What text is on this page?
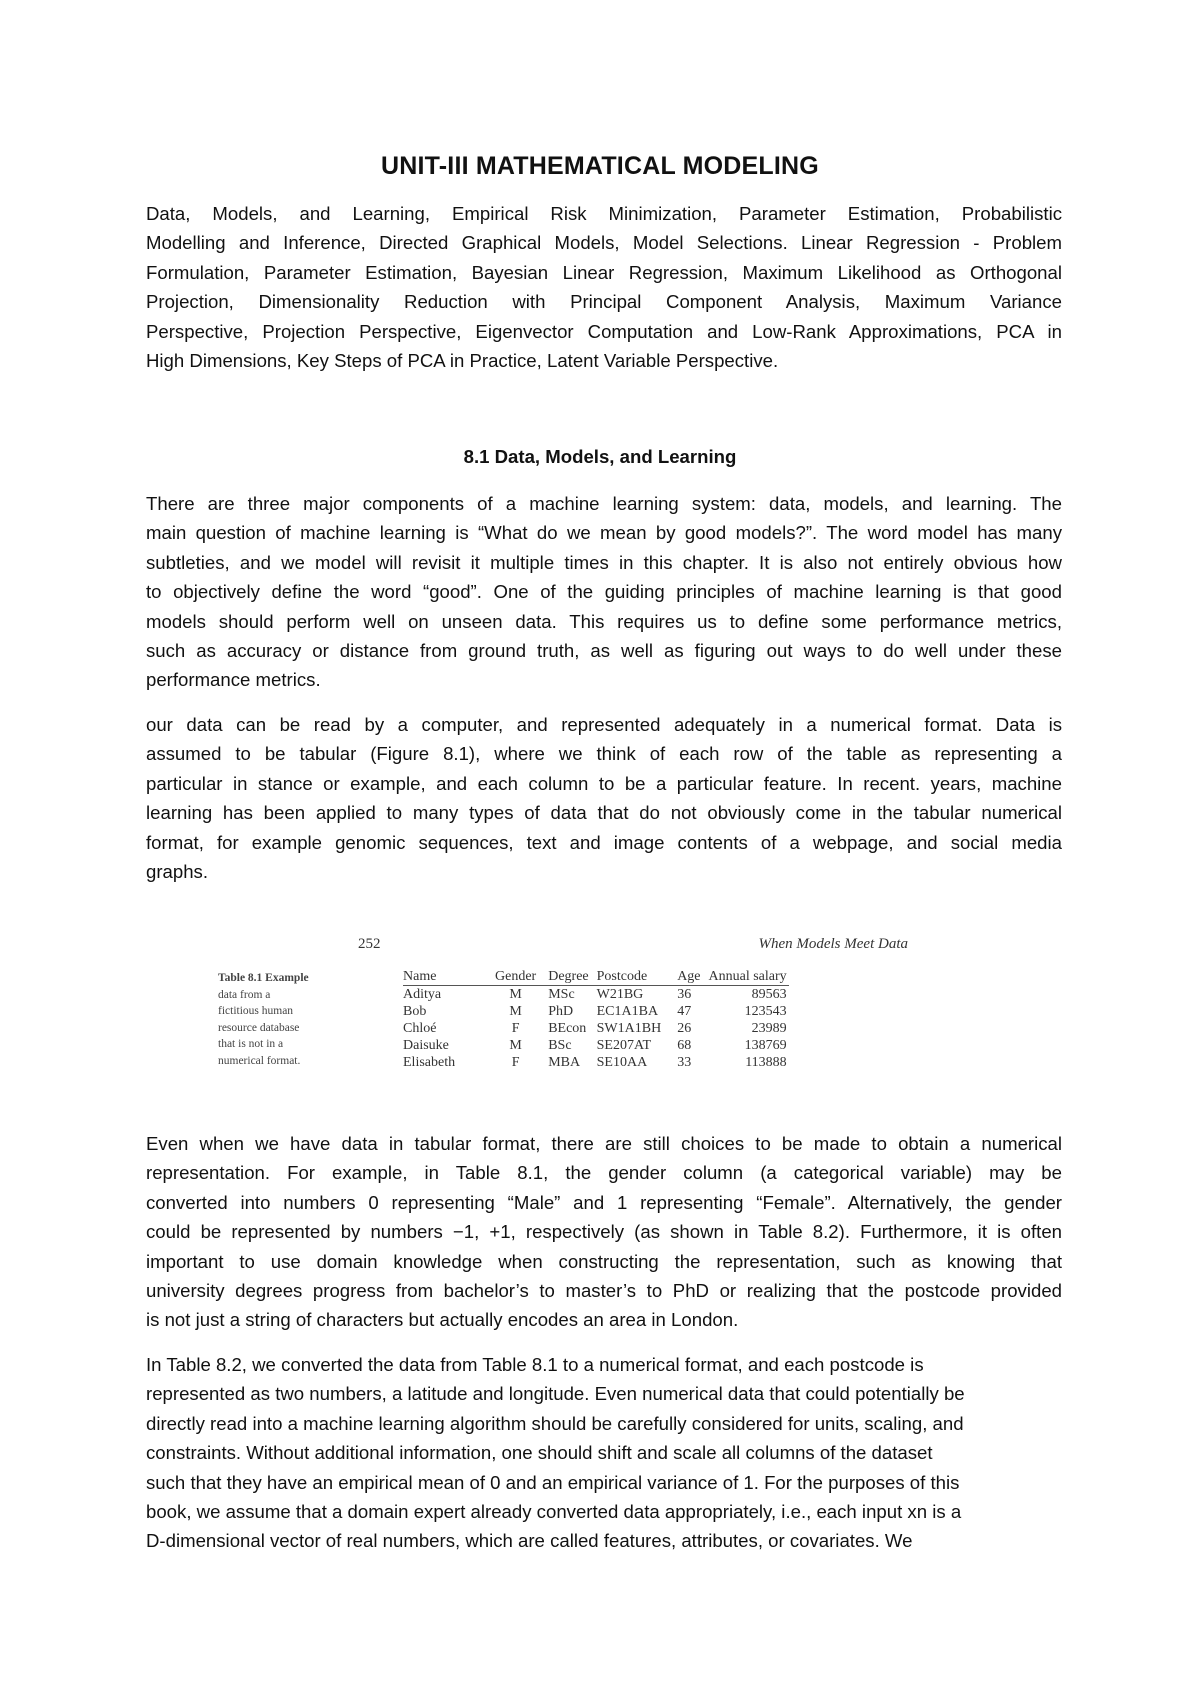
UNIT-III MATHEMATICAL MODELING
Data, Models, and Learning, Empirical Risk Minimization, Parameter Estimation, Probabilistic
Modelling and Inference, Directed Graphical Models, Model Selections. Linear Regression - Problem
Formulation, Parameter Estimation, Bayesian Linear Regression, Maximum Likelihood as Orthogonal
Projection, Dimensionality Reduction with Principal Component Analysis, Maximum Variance
Perspective, Projection Perspective, Eigenvector Computation and Low-Rank Approximations, PCA in
High Dimensions, Key Steps of PCA in Practice, Latent Variable Perspective.
8.1 Data, Models, and Learning
There are three major components of a machine learning system: data, models, and learning. The
main question of machine learning is “What do we mean by good models?”. The word model has many
subtleties, and we model will revisit it multiple times in this chapter. It is also not entirely obvious how
to objectively define the word “good”. One of the guiding principles of machine learning is that good
models should perform well on unseen data. This requires us to define some performance metrics,
such as accuracy or distance from ground truth, as well as figuring out ways to do well under these
performance metrics.
our data can be read by a computer, and represented adequately in a numerical format. Data is
assumed to be tabular (Figure 8.1), where we think of each row of the table as representing a
particular in stance or example, and each column to be a particular feature. In recent. years, machine
learning has been applied to many types of data that do not obviously come in the tabular numerical
format, for example genomic sequences, text and image contents of a webpage, and social media
graphs.
252	When Models Meet Data
Table 8.1 Example
data from a
fictitious human
resource database
that is not in a
numerical format.
Name	Gender	Degree	Postcode	Age	Annual salary
Aditya	M	MSc	W21BG	36	89563
Bob	M	PhD	EC1A1BA	47	123543
Chloé	F	BEcon	SW1A1BH	26	23989
Daisuke	M	BSc	SE207AT	68	138769
Elisabeth	F	MBA	SE10AA	33	113888
Even when we have data in tabular format, there are still choices to be made to obtain a numerical
representation. For example, in Table 8.1, the gender column (a categorical variable) may be
converted into numbers 0 representing “Male” and 1 representing “Female”. Alternatively, the gender
could be represented by numbers −1, +1, respectively (as shown in Table 8.2). Furthermore, it is often
important to use domain knowledge when constructing the representation, such as knowing that
university degrees progress from bachelor’s to master’s to PhD or realizing that the postcode provided
is not just a string of characters but actually encodes an area in London.
In Table 8.2, we converted the data from Table 8.1 to a numerical format, and each postcode is
represented as two numbers, a latitude and longitude. Even numerical data that could potentially be
directly read into a machine learning algorithm should be carefully considered for units, scaling, and
constraints. Without additional information, one should shift and scale all columns of the dataset
such that they have an empirical mean of 0 and an empirical variance of 1. For the purposes of this
book, we assume that a domain expert already converted data appropriately, i.e., each input xn is a
D-dimensional vector of real numbers, which are called features, attributes, or covariates. We
